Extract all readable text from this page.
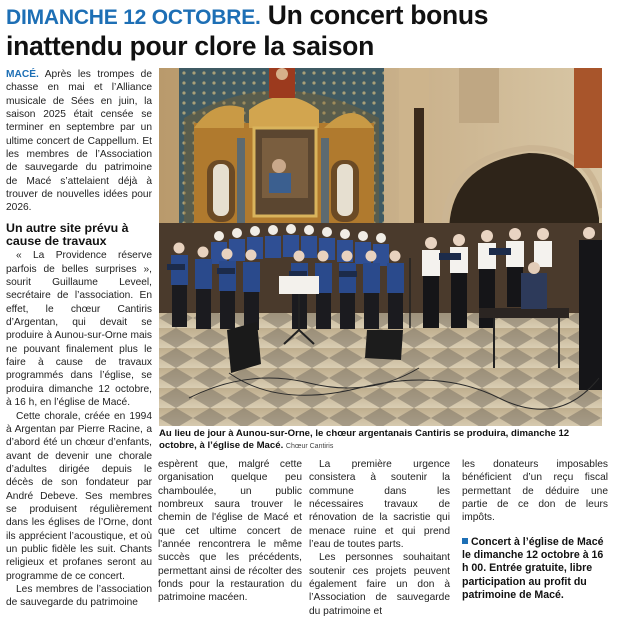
DIMANCHE 12 OCTOBRE. Un concert bonus inattendu pour clore la saison

MACÉ. Après les trompes de chasse en mai et l’Alliance musicale de Sées en juin, la saison 2025 était censée se terminer en septembre par un ultime concert de Cappellum. Et les membres de l’Association de sauvegarde du patrimoine de Macé s’attelaient déjà à trouver de nouvelles idées pour 2026.

Un autre site prévu à cause de travaux

« La Providence réserve parfois de belles surprises », sourit Guillaume Leveel, secrétaire de l’association. En effet, le chœur Cantiris d’Argentan, qui devait se produire à Aunou-sur-Orne mais ne pouvant finalement plus le faire à cause de travaux programmés dans l’église, se produira dimanche 12 octobre, à 16 h, en l’église de Macé.

Cette chorale, créée en 1994 à Argentan par Pierre Racine, a d’abord été un chœur d’enfants, avant de devenir une chorale d’adultes dirigée depuis le décès de son fondateur par André Debeve. Ses membres se produisent régulièrement dans les églises de l’Orne, dont ils apprécient l’acoustique, et où un public fidèle les suit. Chants religieux et profanes seront au programme de ce concert.

Les membres de l’association de sauvegarde du patrimoine

Au lieu de jour à Aunou-sur-Orne, le chœur argentanais Cantiris se produira, dimanche 12 octobre, à l’église de Macé. Chœur Cantiris

espèrent que, malgré cette organisation quelque peu chamboulée, un public nombreux saura trouver le chemin de l'église de Macé et que cet ultime concert de l'année rencontrera le même succès que les précédents, permettant ainsi de récolter des fonds pour la restauration du patrimoine macéen.

La première urgence consistera à soutenir la commune dans les nécessaires travaux de rénovation de la sacristie qui menace ruine et qui prend l’eau de toutes parts.

Les personnes souhaitant soutenir ces projets peuvent également faire un don à l’Association de sauvegarde du patrimoine et

les donateurs imposables bénéficient d’un reçu fiscal permettant de déduire une partie de ce don de leurs impôts.

Concert à l’église de Macé le dimanche 12 octobre à 16 h 00. Entrée gratuite, libre participation au profit du patrimoine de Macé.
